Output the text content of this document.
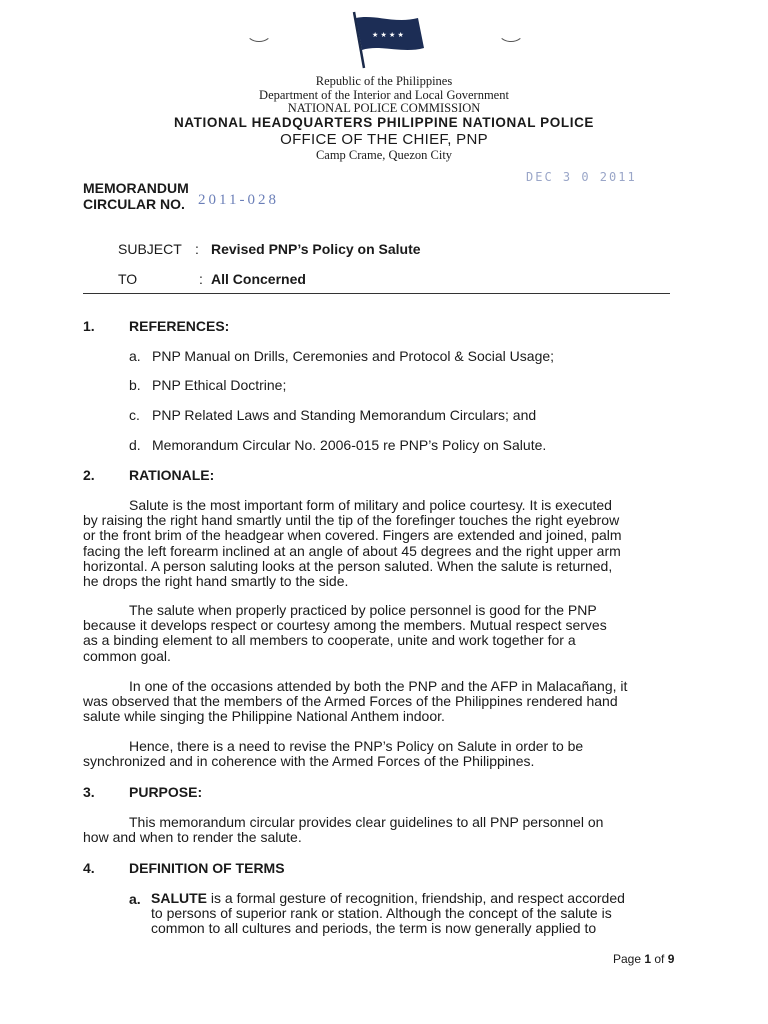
★ ★ ★ ★
Republic of the Philippines
Department of the Interior and Local Government
NATIONAL POLICE COMMISSION
NATIONAL HEADQUARTERS PHILIPPINE NATIONAL POLICE
OFFICE OF THE CHIEF, PNP
Camp Crame, Quezon City
DEC 3 0 2011
MEMORANDUM
CIRCULAR NO. 2011-028
SUBJECT : Revised PNP’s Policy on Salute
TO	: All Concerned
1. REFERENCES:
a. PNP Manual on Drills, Ceremonies and Protocol & Social Usage;
b. PNP Ethical Doctrine;
c. PNP Related Laws and Standing Memorandum Circulars; and
d. Memorandum Circular No. 2006-015 re PNP’s Policy on Salute.
2. RATIONALE:
Salute is the most important form of military and police courtesy. It is executed
by raising the right hand smartly until the tip of the forefinger touches the right eyebrow
or the front brim of the headgear when covered. Fingers are extended and joined, palm
facing the left forearm inclined at an angle of about 45 degrees and the right upper arm
horizontal. A person saluting looks at the person saluted. When the salute is returned,
he drops the right hand smartly to the side.
The salute when properly practiced by police personnel is good for the PNP
because it develops respect or courtesy among the members. Mutual respect serves
as a binding element to all members to cooperate, unite and work together for a
common goal.
In one of the occasions attended by both the PNP and the AFP in Malacañang, it
was observed that the members of the Armed Forces of the Philippines rendered hand
salute while singing the Philippine National Anthem indoor.
Hence, there is a need to revise the PNP’s Policy on Salute in order to be
synchronized and in coherence with the Armed Forces of the Philippines.
3. PURPOSE:
This memorandum circular provides clear guidelines to all PNP personnel on
how and when to render the salute.
4. DEFINITION OF TERMS
a. SALUTE is a formal gesture of recognition, friendship, and respect accorded
to persons of superior rank or station. Although the concept of the salute is
common to all cultures and periods, the term is now generally applied to
Page 1 of 9
